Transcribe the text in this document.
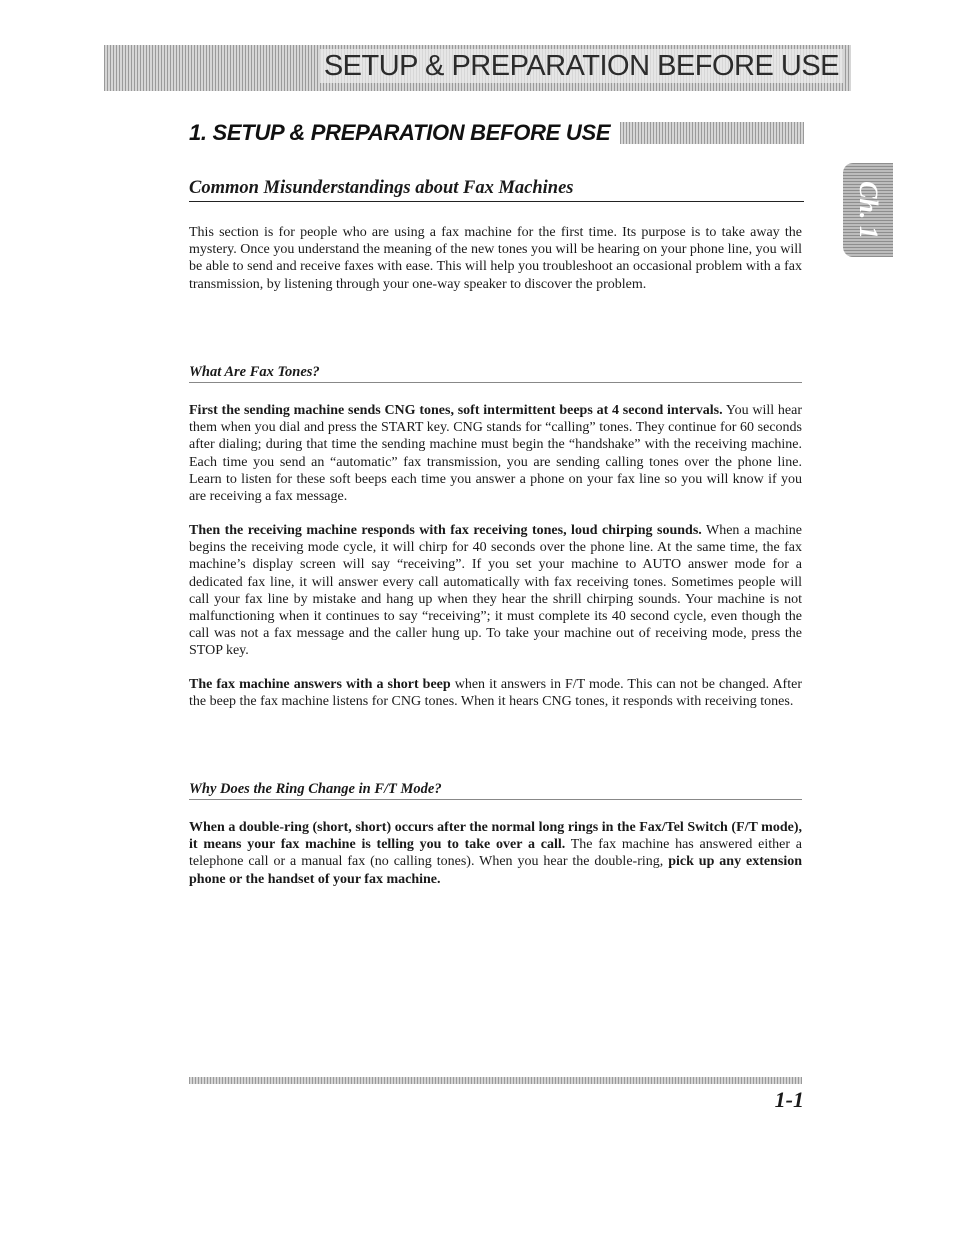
SETUP & PREPARATION BEFORE USE
1. SETUP & PREPARATION BEFORE USE
Ch. 1
Common Misunderstandings about Fax Machines

This section is for people who are using a fax machine for the first time. Its purpose is to take away the mystery. Once you understand the meaning of the new tones you will be hearing on your phone line, you will be able to send and receive faxes with ease. This will help you troubleshoot an occasional problem with a fax transmission, by listening through your one-way speaker to discover the problem.

What Are Fax Tones?

First the sending machine sends CNG tones, soft intermittent beeps at 4 second intervals. You will hear them when you dial and press the START key. CNG stands for “calling” tones. They continue for 60 seconds after dialing; during that time the sending machine must begin the “handshake” with the receiving machine. Each time you send an “automatic” fax transmission, you are sending calling tones over the phone line. Learn to listen for these soft beeps each time you answer a phone on your fax line so you will know if you are receiving a fax message.

Then the receiving machine responds with fax receiving tones, loud chirping sounds. When a machine begins the receiving mode cycle, it will chirp for 40 seconds over the phone line. At the same time, the fax machine’s display screen will say “receiving”. If you set your machine to AUTO answer mode for a dedicated fax line, it will answer every call automatically with fax receiving tones. Sometimes people will call your fax line by mistake and hang up when they hear the shrill chirping sounds. Your machine is not malfunctioning when it continues to say “receiving”; it must complete its 40 second cycle, even though the call was not a fax message and the caller hung up. To take your machine out of receiving mode, press the STOP key.

The fax machine answers with a short beep when it answers in F/T mode. This can not be changed. After the beep the fax machine listens for CNG tones. When it hears CNG tones, it responds with receiving tones.

Why Does the Ring Change in F/T Mode?

When a double-ring (short, short) occurs after the normal long rings in the Fax/Tel Switch (F/T mode), it means your fax machine is telling you to take over a call. The fax machine has answered either a telephone call or a manual fax (no calling tones). When you hear the double-ring, pick up any extension phone or the handset of your fax machine.

1-1
